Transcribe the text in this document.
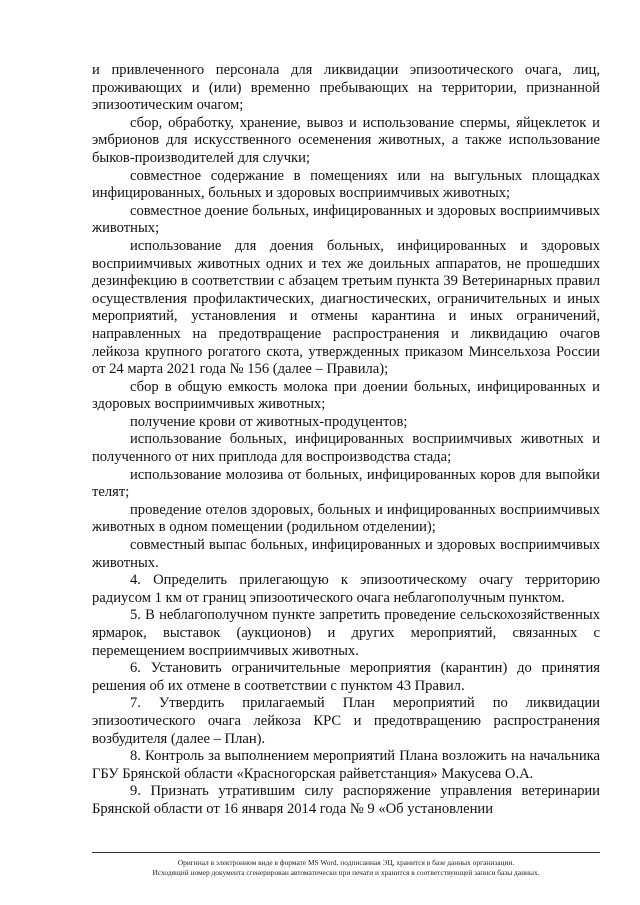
и привлеченного персонала для ликвидации эпизоотического очага, лиц, проживающих и (или) временно пребывающих на территории, признанной эпизоотическим очагом;

сбор, обработку, хранение, вывоз и использование спермы, яйцеклеток и эмбрионов для искусственного осеменения животных, а также использование быков-производителей для случки;

совместное содержание в помещениях или на выгульных площадках инфицированных, больных и здоровых восприимчивых животных;

совместное доение больных, инфицированных и здоровых восприимчивых животных;

использование для доения больных, инфицированных и здоровых восприимчивых животных одних и тех же доильных аппаратов, не прошедших дезинфекцию в соответствии с абзацем третьим пункта 39 Ветеринарных правил осуществления профилактических, диагностических, ограничительных и иных мероприятий, установления и отмены карантина и иных ограничений, направленных на предотвращение распространения и ликвидацию очагов лейкоза крупного рогатого скота, утвержденных приказом Минсельхоза России от 24 марта 2021 года № 156 (далее – Правила);

сбор в общую емкость молока при доении больных, инфицированных и здоровых восприимчивых животных;

получение крови от животных-продуцентов;

использование больных, инфицированных восприимчивых животных и полученного от них приплода для воспроизводства стада;

использование молозива от больных, инфицированных коров для выпойки телят;

проведение отелов здоровых, больных и инфицированных восприимчивых животных в одном помещении (родильном отделении);

совместный выпас больных, инфицированных и здоровых восприимчивых животных.

4. Определить прилегающую к эпизоотическому очагу территорию радиусом 1 км от границ эпизоотического очага неблагополучным пунктом.

5. В неблагополучном пункте запретить проведение сельскохозяйственных ярмарок, выставок (аукционов) и других мероприятий, связанных с перемещением восприимчивых животных.

6. Установить ограничительные мероприятия (карантин) до принятия решения об их отмене в соответствии с пунктом 43 Правил.

7. Утвердить прилагаемый План мероприятий по ликвидации эпизоотического очага лейкоза КРС и предотвращению распространения возбудителя (далее – План).

8. Контроль за выполнением мероприятий Плана возложить на начальника ГБУ Брянской области «Красногорская райветстанция» Макусева О.А.

9. Признать утратившим силу распоряжение управления ветеринарии Брянской области от 16 января 2014 года № 9 «Об установлении

Оригинал в электронном виде в формате MS Word, подписанная ЭЦ, хранится в базе данных организации.
Исходящий номер документа сгенерирован автоматически при печати и хранится в соответствующей записи базы данных.
